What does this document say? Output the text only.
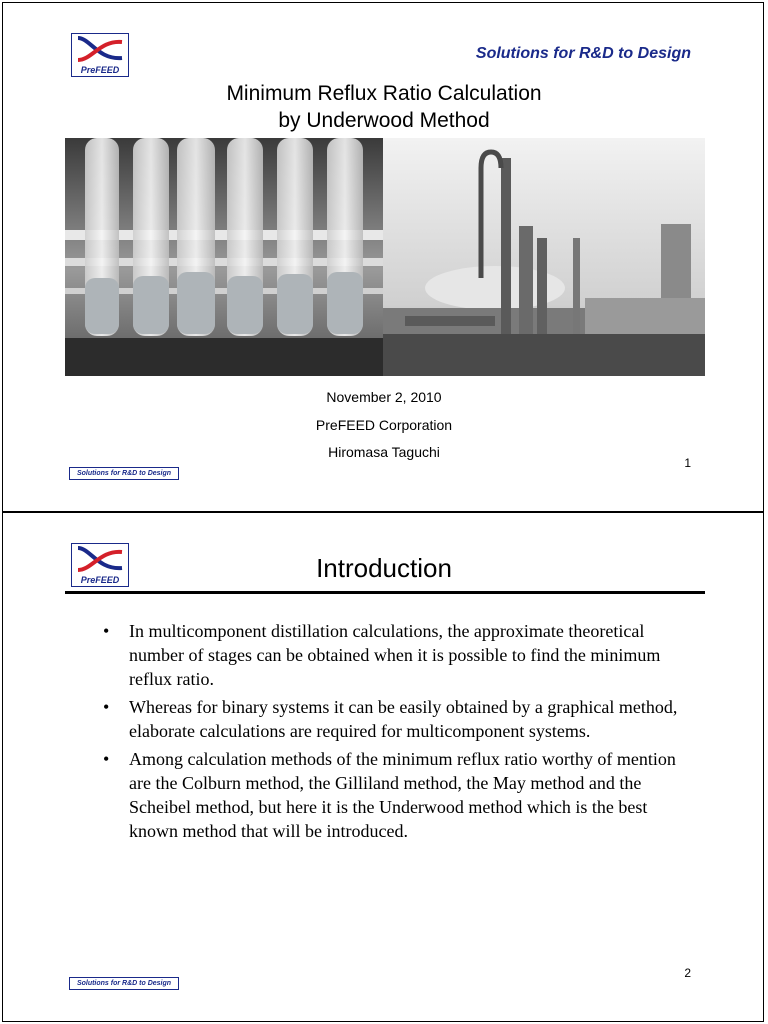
PreFEED
Solutions for R&D to Design
Minimum Reflux Ratio Calculation
by Underwood Method
November 2, 2010
PreFEED Corporation
Hiromasa Taguchi
Solutions for R&D to Design
1
PreFEED	Introduction
• In multicomponent distillation calculations, the approximate theoretical number of stages can be obtained when it is possible to find the minimum reflux ratio.
• Whereas for binary systems it can be easily obtained by a graphical method, elaborate calculations are required for multicomponent systems.
• Among calculation methods of the minimum reflux ratio worthy of mention are the Colburn method, the Gilliland method, the May method and the Scheibel method, but here it is the Underwood method which is the best known method that will be introduced.
Solutions for R&D to Design
2
